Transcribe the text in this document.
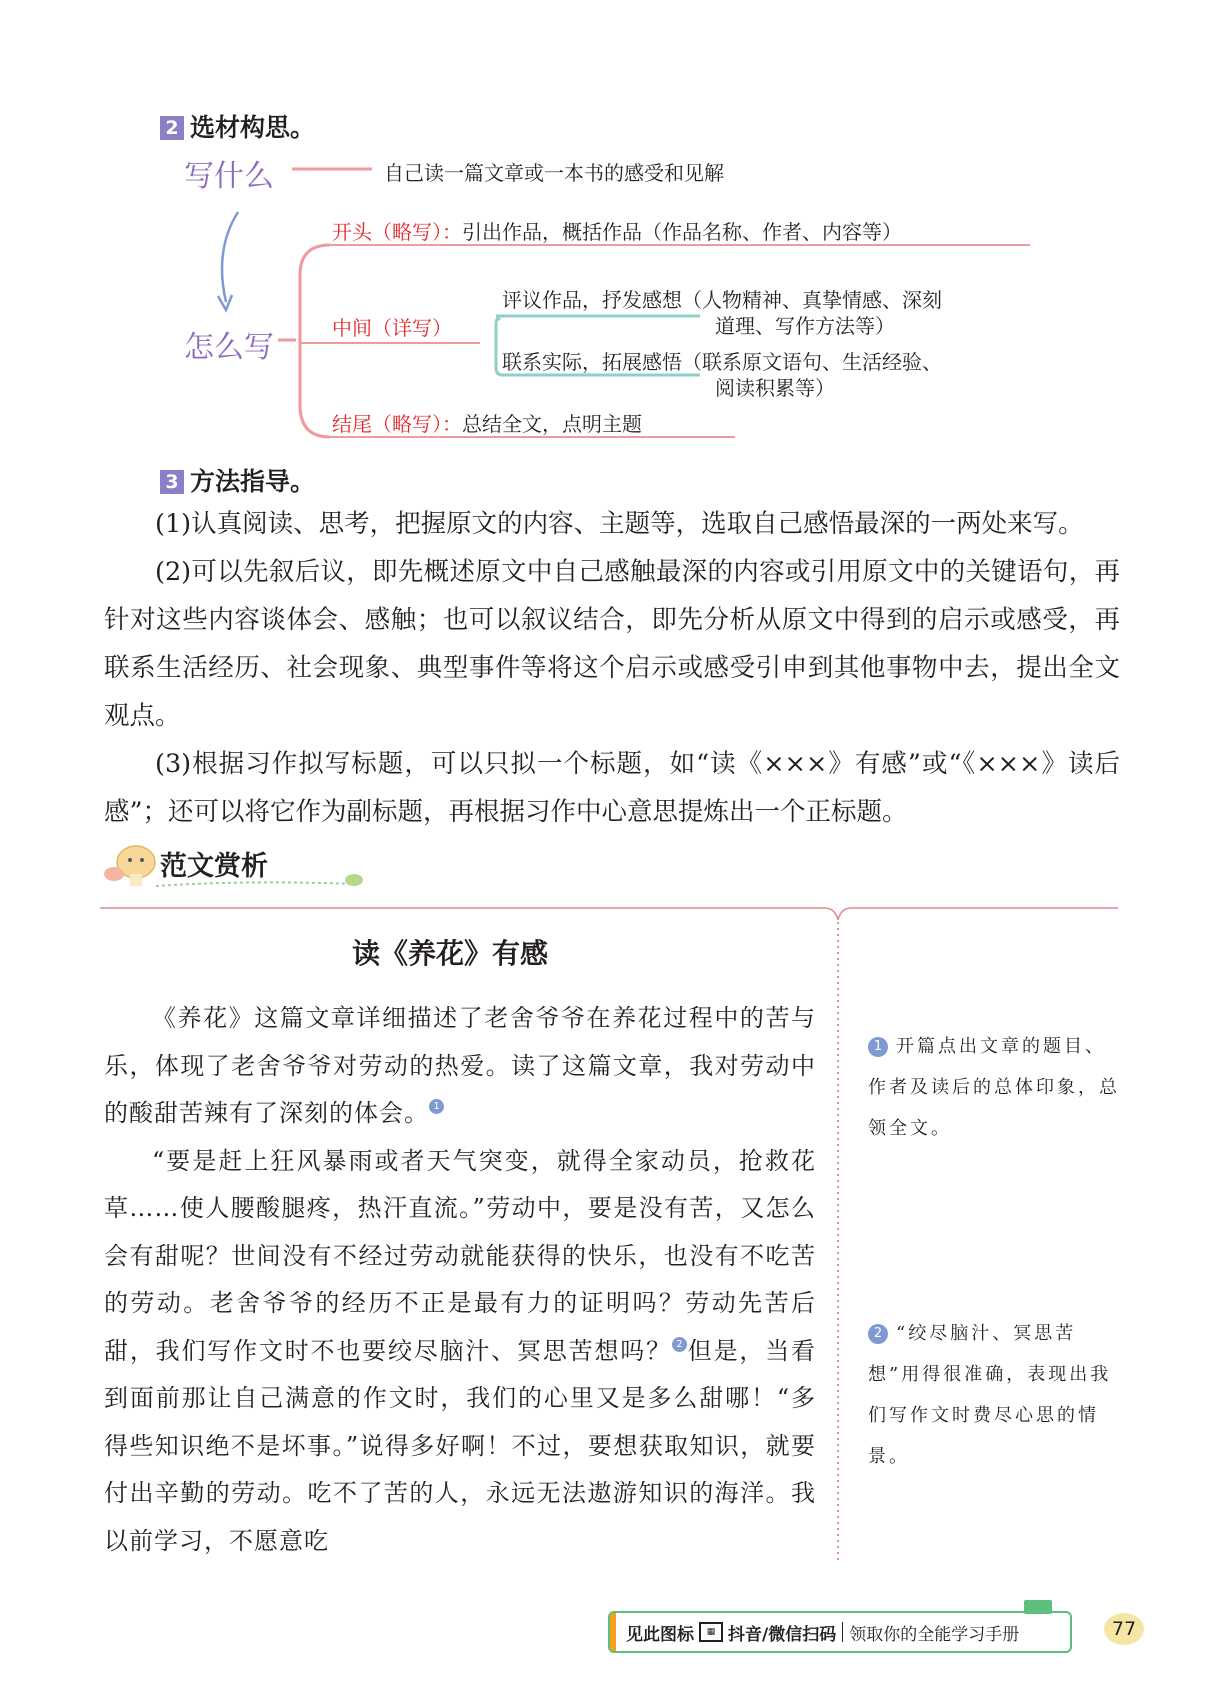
2 选材构思。
写什么	自己读一篇文章或一本书的感受和见解
怎么写
开头（略写）：引出作品，概括作品（作品名称、作者、内容等）
中间（详写）
评议作品，抒发感想（人物精神、真挚情感、深刻
道理、写作方法等）
联系实际，拓展感悟（联系原文语句、生活经验、
阅读积累等）
结尾（略写）：总结全文，点明主题
3 方法指导。

(1)认真阅读、思考，把握原文的内容、主题等，选取自己感悟最深的一两处来写。

(2)可以先叙后议，即先概述原文中自己感触最深的内容或引用原文中的关键语句，再针对这些内容谈体会、感触；也可以叙议结合，即先分析从原文中得到的启示或感受，再联系生活经历、社会现象、典型事件等将这个启示或感受引申到其他事物中去，提出全文观点。

(3)根据习作拟写标题，可以只拟一个标题，如“读《×××》有感”或“《×××》读后感”；还可以将它作为副标题，再根据习作中心意思提炼出一个正标题。

范文赏析
读《养花》有感

《养花》这篇文章详细描述了老舍爷爷在养花过程中的苦与乐，体现了老舍爷爷对劳动的热爱。读了这篇文章，我对劳动中的酸甜苦辣有了深刻的体会。 1

“要是赶上狂风暴雨或者天气突变，就得全家动员，抢救花草……使人腰酸腿疼，热汗直流。”劳动中，要是没有苦，又怎么会有甜呢？世间没有不经过劳动就能获得的快乐，也没有不吃苦的劳动。老舍爷爷的经历不正是最有力的证明吗？劳动先苦后甜，我们写作文时不也要绞尽脑汁、冥思苦想吗？ 2 但是，当看到面前那让自己满意的作文时，我们的心里又是多么甜哪！“多得些知识绝不是坏事。”说得多好啊！不过，要想获取知识，就要付出辛勤的劳动。吃不了苦的人，永远无法遨游知识的海洋。我以前学习，不愿意吃

1 开篇点出文章的题目、作者及读后的总体印象，总领全文。
2 “绞尽脑汁、冥思苦想”用得很准确，表现出我们写作文时费尽心思的情景。
见此图标	▦ 抖音/微信扫码 领取你的全能学习手册	77
